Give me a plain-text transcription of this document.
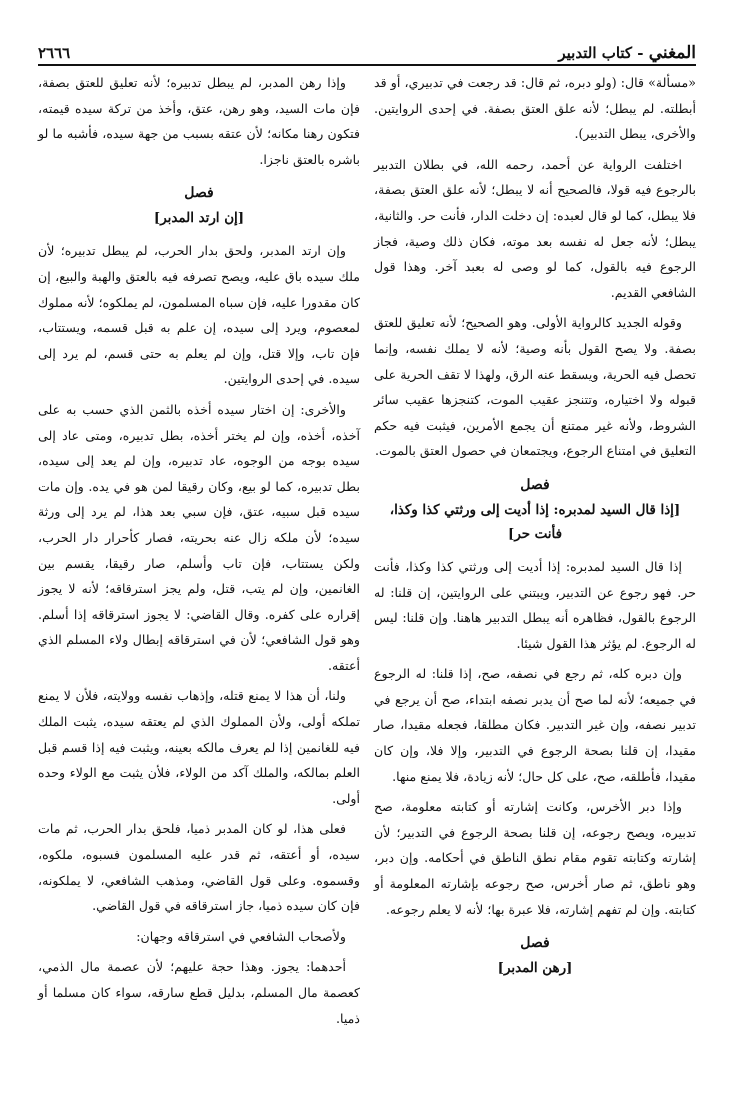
المغني - كتاب التدبير
٢٦٦٦

«مسألة» قال: (ولو دبره، ثم قال: قد رجعت في تدبيري، أو قد أبطلته. لم يبطل؛ لأنه علق العتق بصفة. في إحدى الروايتين. والأخرى، يبطل التدبير).

اختلفت الرواية عن أحمد، رحمه الله، في بطلان التدبير بالرجوع فيه قولا، فالصحيح أنه لا يبطل؛ لأنه علق العتق بصفة، فلا يبطل، كما لو قال لعبده: إن دخلت الدار، فأنت حر. والثانية، يبطل؛ لأنه جعل له نفسه بعد موته، فكان ذلك وصية، فجاز الرجوع فيه بالقول، كما لو وصى له بعبد آخر. وهذا قول الشافعي القديم.

وقوله الجديد كالرواية الأولى. وهو الصحيح؛ لأنه تعليق للعتق بصفة. ولا يصح القول بأنه وصية؛ لأنه لا يملك نفسه، وإنما تحصل فيه الحرية، ويسقط عنه الرق، ولهذا لا تقف الحرية على قبوله ولا اختياره، وتتنجز عقيب الموت، كتنجزها عقيب سائر الشروط، ولأنه غير ممتنع أن يجمع الأمرين، فيثبت فيه حكم التعليق في امتناع الرجوع، ويجتمعان في حصول العتق بالموت.

فصل
[إذا قال السيد لمدبره: إذا أديت إلى ورثتي كذا وكذا، فأنت حر]

إذا قال السيد لمدبره: إذا أديت إلى ورثتي كذا وكذا، فأنت حر. فهو رجوع عن التدبير، ويبتني على الروايتين، إن قلنا: له الرجوع بالقول، فظاهره أنه يبطل التدبير هاهنا. وإن قلنا: ليس له الرجوع. لم يؤثر هذا القول شيئا.

وإن دبره كله، ثم رجع في نصفه، صح، إذا قلنا: له الرجوع في جميعه؛ لأنه لما صح أن يدبر نصفه ابتداء، صح أن يرجع في تدبير نصفه، وإن غير التدبير. فكان مطلقا، فجعله مقيدا، صار مقيدا، إن قلنا بصحة الرجوع في التدبير، وإلا فلا، وإن كان مقيدا، فأطلقه، صح، على كل حال؛ لأنه زيادة، فلا يمنع منها.

وإذا دبر الأخرس، وكانت إشارته أو كتابته معلومة، صح تدبيره، ويصح رجوعه، إن قلنا بصحة الرجوع في التدبير؛ لأن إشارته وكتابته تقوم مقام نطق الناطق في أحكامه. وإن دبر، وهو ناطق، ثم صار أخرس، صح رجوعه بإشارته المعلومة أو كتابته. وإن لم تفهم إشارته، فلا عبرة بها؛ لأنه لا يعلم رجوعه.

فصل
[رهن المدبر]

وإذا رهن المدبر، لم يبطل تدبيره؛ لأنه تعليق للعتق بصفة، فإن مات السيد، وهو رهن، عتق، وأخذ من تركة سيده قيمته، فتكون رهنا مكانه؛ لأن عتقه بسبب من جهة سيده، فأشبه ما لو باشره بالعتق ناجزا.

فصل
[إن ارتد المدبر]

وإن ارتد المدبر، ولحق بدار الحرب، لم يبطل تدبيره؛ لأن ملك سيده باق عليه، ويصح تصرفه فيه بالعتق والهبة والبيع، إن كان مقدورا عليه، فإن سباه المسلمون، لم يملكوه؛ لأنه مملوك لمعصوم، ويرد إلى سيده، إن علم به قبل قسمه، ويستتاب، فإن تاب، وإلا قتل، وإن لم يعلم به حتى قسم، لم يرد إلى سيده. في إحدى الروايتين.

والأخرى: إن اختار سيده أخذه بالثمن الذي حسب به على آخذه، أخذه، وإن لم يختر أخذه، بطل تدبيره، ومتى عاد إلى سيده بوجه من الوجوه، عاد تدبيره، وإن لم يعد إلى سيده، بطل تدبيره، كما لو بيع، وكان رقيقا لمن هو في يده. وإن مات سيده قبل سبيه، عتق، فإن سبي بعد هذا، لم يرد إلى ورثة سيده؛ لأن ملكه زال عنه بحريته، فصار كأحرار دار الحرب، ولكن يستتاب، فإن تاب وأسلم، صار رقيقا، يقسم بين الغانمين، وإن لم يتب، قتل، ولم يجز استرقاقه؛ لأنه لا يجوز إقراره على كفره. وقال القاضي: لا يجوز استرقاقه إذا أسلم. وهو قول الشافعي؛ لأن في استرقاقه إبطال ولاء المسلم الذي أعتقه.

ولنا، أن هذا لا يمنع قتله، وإذهاب نفسه وولايته، فلأن لا يمنع تملكه أولى، ولأن المملوك الذي لم يعتقه سيده، يثبت الملك فيه للغانمين إذا لم يعرف مالكه بعينه، ويثبت فيه إذا قسم قبل العلم بمالكه، والملك آكد من الولاء، فلأن يثبت مع الولاء وحده أولى.

فعلى هذا، لو كان المدبر ذميا، فلحق بدار الحرب، ثم مات سيده، أو أعتقه، ثم قدر عليه المسلمون فسبوه، ملكوه، وقسموه. وعلى قول القاضي، ومذهب الشافعي، لا يملكونه، فإن كان سيده ذميا، جاز استرقاقه في قول القاضي.

ولأصحاب الشافعي في استرقاقه وجهان:

أحدهما: يجوز. وهذا حجة عليهم؛ لأن عصمة مال الذمي، كعصمة مال المسلم، بدليل قطع سارقه، سواء كان مسلما أو ذميا.
